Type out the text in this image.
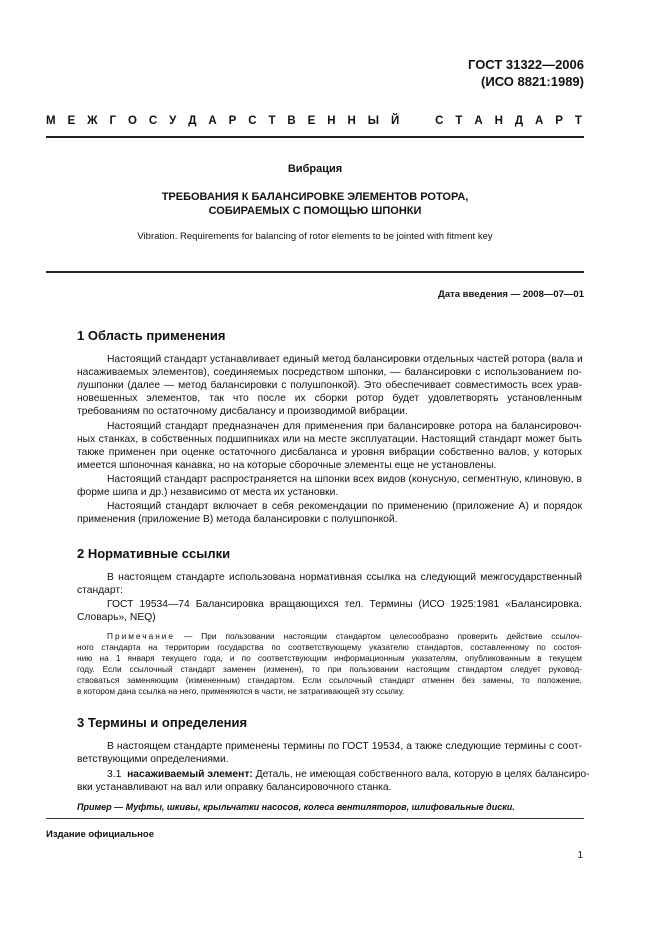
ГОСТ 31322—2006
(ИСО 8821:1989)
М Е Ж Г О С У Д А Р С Т В Е Н Н Ы Й	С Т А Н Д А Р Т
Вибрация
ТРЕБОВАНИЯ К БАЛАНСИРОВКЕ ЭЛЕМЕНТОВ РОТОРА,
СОБИРАЕМЫХ С ПОМОЩЬЮ ШПОНКИ
Vibration. Requirements for balancing of rotor elements to be jointed with fitment key
Дата введения — 2008—07—01
1 Область применения
Настоящий стандарт устанавливает единый метод балансировки отдельных частей ротора (вала и
насаживаемых элементов), соединяемых посредством шпонки, — балансировки с использованием по-
лушпонки (далее — метод балансировки с полушпонкой). Это обеспечивает совместимость всех урав-
новешенных элементов, так что после их сборки ротор будет удовлетворять установленным
требованиям по остаточному дисбалансу и производимой вибрации.
Настоящий стандарт предназначен для применения при балансировке ротора на балансировоч-
ных станках, в собственных подшипниках или на месте эксплуатации. Настоящий стандарт может быть
также применен при оценке остаточного дисбаланса и уровня вибрации собственно валов, у которых
имеется шпоночная канавка, но на которые сборочные элементы еще не установлены.
Настоящий стандарт распространяется на шпонки всех видов (конусную, сегментную, клиновую, в
форме шипа и др.) независимо от места их установки.
Настоящий стандарт включает в себя рекомендации по применению (приложение А) и порядок
применения (приложение В) метода балансировки с полушпонкой.
2 Нормативные ссылки
В настоящем стандарте использована нормативная ссылка на следующий межгосударственный
стандарт:
ГОСТ 19534—74 Балансировка вращающихся тел. Термины (ИСО 1925:1981 «Балансировка.
Словарь», NEQ)
Примечание — При пользовании настоящим стандартом целесообразно проверить действие ссылоч-
ного стандарта на территории государства по соответствующему указателю стандартов, составленному по состоя-
нию на 1 января текущего года, и по соответствующим информационным указателям, опубликованным в текущем
году. Если ссылочный стандарт заменен (изменен), то при пользовании настоящим стандартом следует руковод-
ствоваться заменяющим (измененным) стандартом. Если ссылочный стандарт отменен без замены, то положение,
в котором дана ссылка на него, применяются в части, не затрагивающей эту ссылку.
3 Термины и определения
В настоящем стандарте применены термины по ГОСТ 19534, а также следующие термины с соот-
ветствующими определениями.
3.1 насаживаемый элемент: Деталь, не имеющая собственного вала, которую в целях балансиро-
вки устанавливают на вал или оправку балансировочного станка.
Пример — Муфты, шкивы, крыльчатки насосов, колеса вентиляторов, шлифовальные диски.
Издание официальное
1
